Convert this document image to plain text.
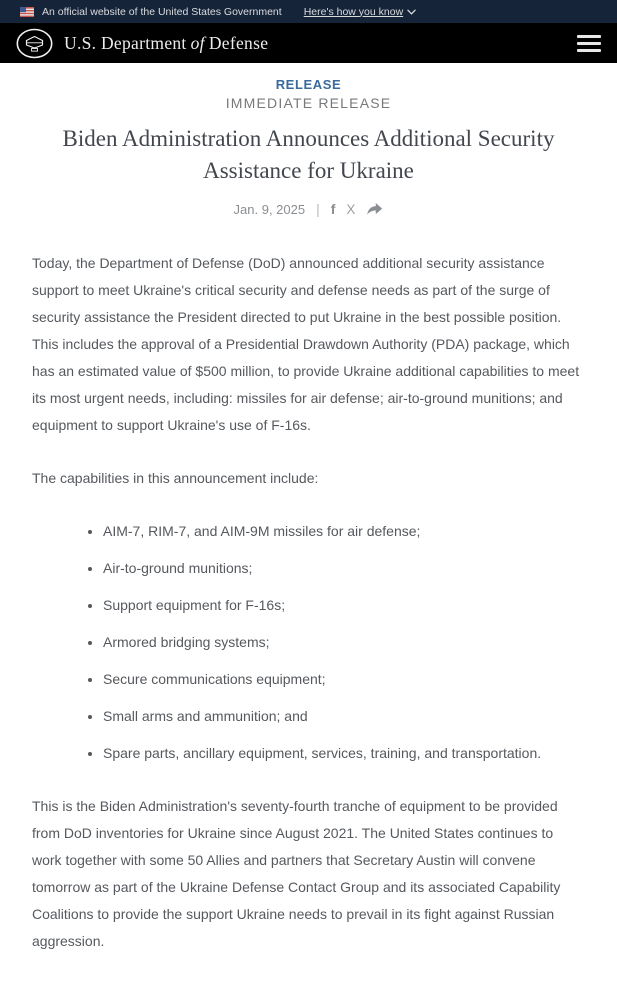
An official website of the United States Government Here's how you know
U.S. Department of Defense
RELEASE
IMMEDIATE RELEASE
Biden Administration Announces Additional Security Assistance for Ukraine
Jan. 9, 2025 | f X

Today, the Department of Defense (DoD) announced additional security assistance support to meet Ukraine's critical security and defense needs as part of the surge of security assistance the President directed to put Ukraine in the best possible position. This includes the approval of a Presidential Drawdown Authority (PDA) package, which has an estimated value of $500 million, to provide Ukraine additional capabilities to meet its most urgent needs, including: missiles for air defense; air-to-ground munitions; and equipment to support Ukraine's use of F-16s.

The capabilities in this announcement include:

• AIM-7, RIM-7, and AIM-9M missiles for air defense;
• Air-to-ground munitions;
• Support equipment for F-16s;
• Armored bridging systems;
• Secure communications equipment;
• Small arms and ammunition; and
• Spare parts, ancillary equipment, services, training, and transportation.

This is the Biden Administration's seventy-fourth tranche of equipment to be provided from DoD inventories for Ukraine since August 2021. The United States continues to work together with some 50 Allies and partners that Secretary Austin will convene tomorrow as part of the Ukraine Defense Contact Group and its associated Capability Coalitions to provide the support Ukraine needs to prevail in its fight against Russian aggression.
